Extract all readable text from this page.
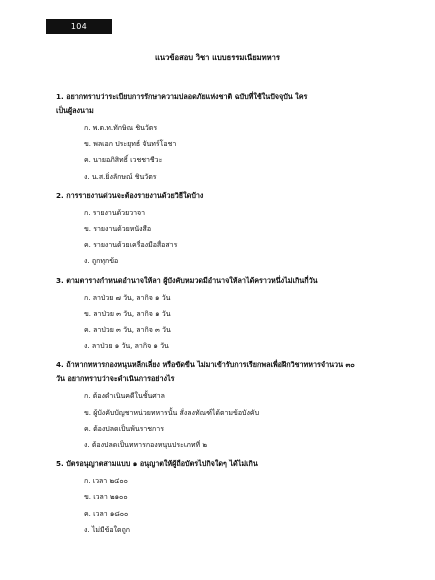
104
แนวข้อสอบ วิชา แบบธรรมเนียมทหาร
1. อยากทราบว่าระเบียบการรักษาความปลอดภัยแห่งชาติ ฉบับที่ใช้ในปัจจุบัน ใคร
เป็นผู้ลงนาม
ก. พ.ต.ท.ทักษิณ ชินวัตร
ข. พลเอก ประยุทธ์ จันทร์โอชา
ค. นายอภิสิทธิ์ เวชชาชีวะ
ง. น.ส.ยิ่งลักษณ์ ชินวัตร
2. การรายงานด่วนจะต้องรายงานด้วยวิธีใดบ้าง
ก. รายงานด้วยวาจา
ข. รายงานด้วยหนังสือ
ค. รายงานด้วยเครื่องมือสื่อสาร
ง. ถูกทุกข้อ
3. ตามตารางกำหนดอำนาจให้ลา ผู้บังคับหมวดมีอำนาจให้ลาได้คราวหนึ่งไม่เกินกี่วัน
ก. ลาป่วย ๗ วัน, ลากิจ ๑ วัน
ข. ลาป่วย ๓ วัน, ลากิจ ๑ วัน
ค. ลาป่วย ๓ วัน, ลากิจ ๓ วัน
ง. ลาป่วย ๑ วัน, ลากิจ ๑ วัน
4. ถ้าหากทหารกองหนุนหลีกเลี่ยง หรือขัดขืน ไม่มาเข้ารับการเรียกพลเพื่อฝึกวิชาทหารจำนวน ๓๐
วัน อยากทราบว่าจะดำเนินการอย่างไร
ก. ต้องดำเนินคดีในชั้นศาล
ข. ผู้บังคับบัญชาหน่วยทหารนั้น สั่งลงทัณฑ์ได้ตามข้อบังคับ
ค. ต้องปลดเป็นพ้นราชการ
ง. ต้องปลดเป็นทหารกองหนุนประเภทที่ ๒
5. บัตรอนุญาตสามแบบ ๑ อนุญาตให้ผู้ถือบัตรไปกิจใดๆ ได้ไม่เกิน
ก. เวลา ๒๔๐๐
ข. เวลา ๒๑๐๐
ค. เวลา ๑๘๐๐
ง. ไม่มีข้อใดถูก
